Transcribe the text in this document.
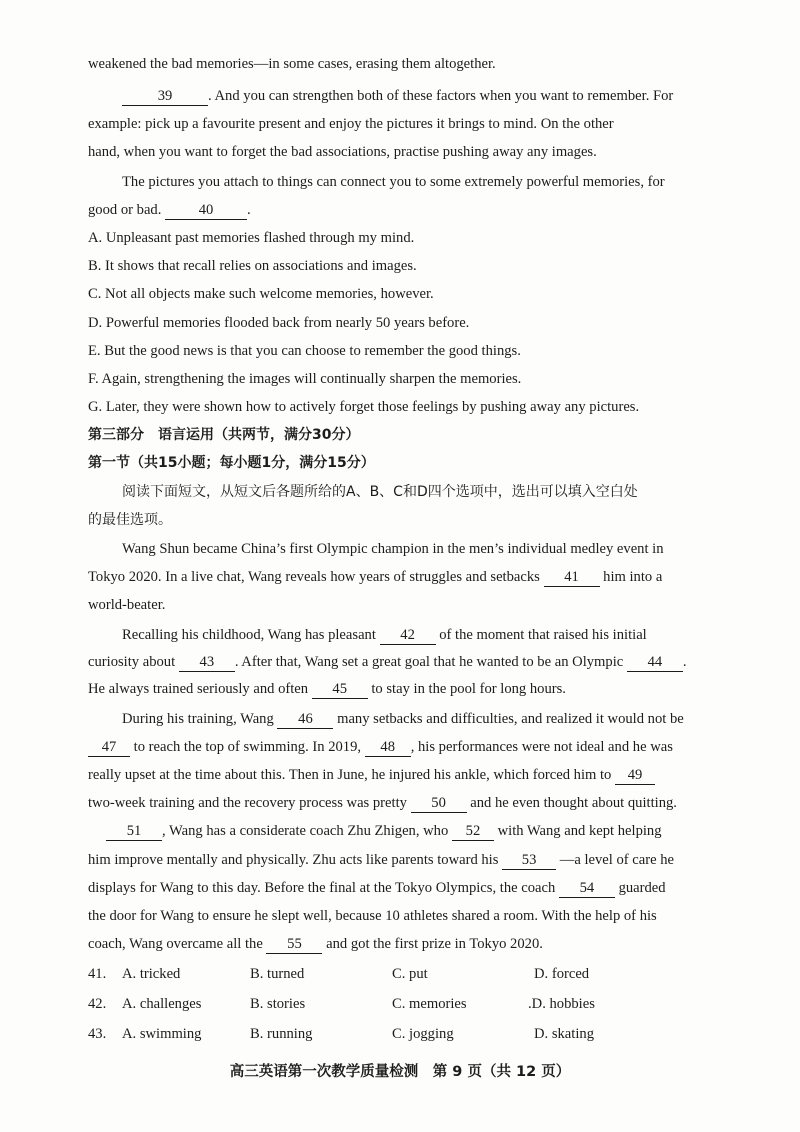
weakened the bad memories—in some cases, erasing them altogether.
39 . And you can strengthen both of these factors when you want to remember. For
example: pick up a favourite present and enjoy the pictures it brings to mind. On the other
hand, when you want to forget the bad associations, practise pushing away any images.
The pictures you attach to things can connect you to some extremely powerful memories, for
good or bad.	40 .
A. Unpleasant past memories flashed through my mind.
B. It shows that recall relies on associations and images.
C. Not all objects make such welcome memories, however.
D. Powerful memories flooded back from nearly 50 years before.
E. But the good news is that you can choose to remember the good things.
F. Again, strengthening the images will continually sharpen the memories.
G. Later, they were shown how to actively forget those feelings by pushing away any pictures.
第三部分　语言运用（共两节，满分30分）
第一节（共15小题；每小题1分，满分15分）
阅读下面短文，从短文后各题所给的A、B、C和D四个选项中，选出可以填入空白处
的最佳选项。
Wang Shun became China’s first Olympic champion in the men’s individual medley event in
Tokyo 2020. In a live chat, Wang reveals how years of struggles and setbacks 41 him into a
world-beater.
Recalling his childhood, Wang has pleasant 42 of the moment that raised his initial
curiosity about 43 . After that, Wang set a great goal that he wanted to be an Olympic 44 .
He always trained seriously and often 45 to stay in the pool for long hours.
During his training, Wang 46 many setbacks and difficulties, and realized it would not be
47 to reach the top of swimming. In 2019, 48 , his performances were not ideal and he was
really upset at the time about this. Then in June, he injured his ankle, which forced him to 49
two-week training and the recovery process was pretty 50 and he even thought about quitting.
51 , Wang has a considerate coach Zhu Zhigen, who 52 with Wang and kept helping
him improve mentally and physically. Zhu acts like parents toward his 53 —a level of care he
displays for Wang to this day. Before the final at the Tokyo Olympics, the coach 54 guarded
the door for Wang to ensure he slept well, because 10 athletes shared a room. With the help of his
coach, Wang overcame all the 55 and got the first prize in Tokyo 2020.
41. A. tricked	B. turned	C. put	D. forced
42. A. challenges	B. stories	C. memories	.D. hobbies
43. A. swimming	B. running	C. jogging	D. skating
高三英语第一次教学质量检测　第 9 页（共 12 页）
